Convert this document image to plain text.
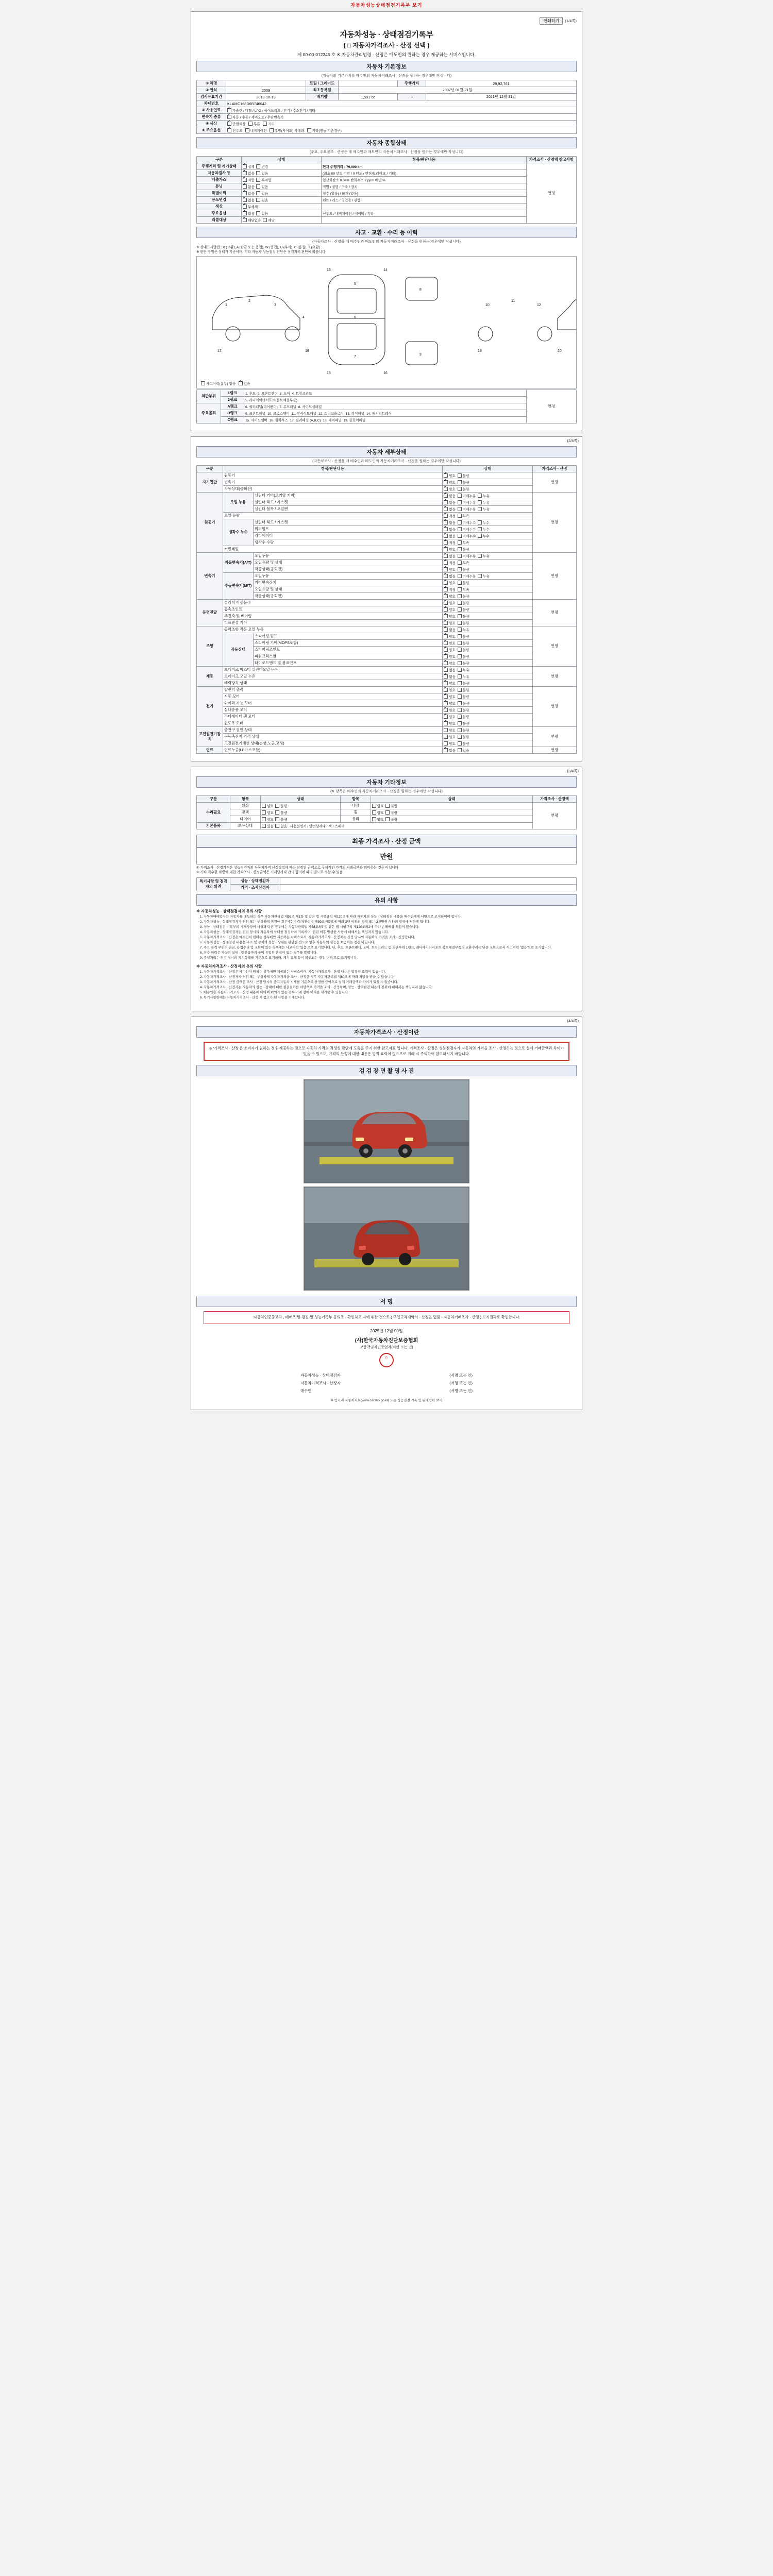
자동차성능상태점검기록부 보기
인쇄하기	(1/4쪽)
자동차성능 · 상태점검기록부
( □ 자동차가격조사 · 산정 선택 )
제 00-00-012345 호 ※ 자동차관리법령 · 산정은 매도인의 원하는 경우 제공하는 서비스입니다.
자동차 기본정보
(자동차의 기본가치를 매수인의 자동차거래조사 · 산정을 원하는 경우에만 작성니다)
① 차명		트림 / 그레이드		주행거리	29,92,761
② 연식	2009	최초등록일	2007년 01월 21일		
검사유효기간	2018-10-19	배기량	1,591 cc	~	2021년 12월 31일
차대번호	KLAMC168D6B746042				
③ 사용연료	✔가솔린 / 디젤 / LPG / 하이브리드 / 전기 / 수소전기 / 기타
변속기 종류	✔자동 / 수동 / 세미오토 / 무단변속기
④ 색상	✔단일색상 투톤 기타
⑤ 주요옵션	✔선루프 네비게이션 후방(사이드) 카메라 기타(전동 기준경구)
자동차 종합상태
(주요, 주요골조 · 산정은 매 매수인과 매도인의 자동차거래조사 · 산정을 원하는 경우에만 작성니다)
구분	상태	항목/판단내용	가격조사 · 산정액 참고사항
주행거리 및 계기상태	✔실제  변경	현재 주행거리 : 79,900 km	연평
자동차검사 등	✔없음  있음	(최초 00 년도 미만 / 0 년도 / 엔진/브레이크 / 기타)	
배출가스	✔적합  부적합	일산화탄소 0.04% 탄화수소 2 ppm 매연 %	
튜닝	✔없음  있음	적법 / 불법 / 구조 / 장치	
특별이력	✔없음  있음	침수 (있음) / 화재 (있음)	
용도변경	✔없음  있음	렌트 / 리스 / 영업용 / 관용	
색상	✔무채색	
주요옵션	✔없음  있음	선루프 / 내비게이션 / 에어백 / 기타	
리콜대상	✔해당없음  해당	
사고 · 교환 · 수리 등 이력
(자동차조사 · 산정을 매 매수인과 매도인의 자동차거래조사 · 산정을 원하는 경우에만 작성니다)
※ 상태표시방법 : X (교환), A (판금 또는 용접), W (용접), U (부식), C (흠집), T (요함)
※ 판단 방법은 상태가 기준이며, 기타 자동차 성능점검 판단은 점검자의 판단에 따릅니다
1
2
3
4
5
6
7
8
9
10
11
12
13	14
15	16
17	18	19	20
사고이력(유무) 없음 ✔ 있음
외판부위	1랭크	1. 후드 2. 프론트펜더 3. 도어 4. 트렁크리드	연평
	2랭크	5. 라디에이터서포트(볼트체결부품)	
주요골격	A랭크	6. 쿼터패널(리어펜더) 7. 루프패널 8. 사이드실패널	
	B랭크	9. 프론트패널 10. 크로스멤버 11. 인사이드패널 12. 트렁크플로어 13. 리어패널 14. 패키지트레이	
	C랭크	15. 사이드멤버 16. 휠하우스 17. 필러패널 (A,B,C) 18. 대쉬패널 19. 플로어패널	
(2/4쪽)
자동차 세부상태
(자동차조사 · 산정을 매 매수인과 매도인의 자동차거래조사 · 산정을 원하는 경우에만 작성니다)
구분	항목/판단내용		상태	가격조사 · 산정
자기진단	원동기	✔양호  불량	연평
	변속기	✔양호  불량
	작동상태(공회전)	✔양호  불량
원동기	오일 누유	실린더 커버(로커암 커버)	✔없음  미세누유  누유	연평
		실린더 헤드 / 가스켓	✔없음  미세누유  누유
		실린더 블록 / 오일팬	✔없음  미세누유  누유
	오일 유량	✔적정  부족
	냉각수 누수	실린더 헤드 / 가스켓	✔없음  미세누수  누수
		워터펌프	✔없음  미세누수  누수
		라디에이터	✔없음  미세누수  누수
		냉각수 수량	✔적정  부족
	커먼레일	✔양호  불량
변속기	자동변속기(A/T)	오일누유	✔없음  미세누유  누유	연평
		오일유량 및 상태	✔적정  부족
		작동상태(공회전)	✔양호  불량
	수동변속기(M/T)	오일누유	✔없음  미세누유  누유
		기어변속장치	✔양호  불량
		오일유량 및 상태	✔적정  부족
		작동상태(공회전)	✔양호  불량
동력전달	클러치 어셈블리	✔양호  불량	연평
	등속조인트	✔양호  불량
	추진축 및 베어링	✔양호  불량
	디프렌셜 기어	✔양호  불량
조향	동력조향 작동 오일 누유	✔없음  누유	연평
	작동상태	스티어링 펌프	✔양호  불량
		스티어링 기어(MDPS포함)	✔양호  불량
		스티어링조인트	✔양호  불량
		파워크리스암	✔양호  불량
		타이로드엔드 및 볼죠인트	✔양호  불량
제동	브레이크 마스터 실린더오일 누유	✔없음  누유	연평
	브레이크 오일 누유	✔없음  누유
	배력장치 상태	✔양호  불량
전기	발전기 출력	✔양호  불량	연평
	시동 모터	✔양호  불량
	와이퍼 기능 모터	✔양호  불량
	실내송풍 모터	✔양호  불량
	라디에이터 팬 모터	✔양호  불량
	윈도우 모터	✔양호  불량
고전원전기장치	충전구 절연 상태		양호  불량	연평
	구동축전지 격리 상태		양호  불량	
	고전원전기배선 상태(손상,노출,고정)		양호  불량	
연료	연료누출(LP가스포함)	✔없음  있음	연평
(3/4쪽)
자동차 기타정보
(※ 항목은 매수인의 자동차거래조사 · 산정을 원하는 경우에만 작성니다)
구분	항목	상태	항목	상태	가격조사 · 산정액
수리필요	외장	양호  불량	내장	양호  불량	연평
	광택	양호  불량	휠	양호  불량	
	타이어	양호  불량	유리	양호  불량	
기본품목	보유상태	있음  없음   사용설명서 / 안전삼각대 / 잭 / 스패너			
최종 가격조사 · 산정 금액
만원
① 가격조사 · 산정가격은 성능점검자의 자동차가격 산정방법에 따라 산정된 금액으로 구체적인 가격의 거래금액을 의미하는 것은 아닙니다
② 기타 특수한 차량에 대한 가격조사 · 산정금액은 거래당사자 간의 합의에 따라 별도로 정할 수 있음
특기사항 및 점검자의 의견	성능 · 상태점검자	
	가격 · 조사산정자	
유의 사항
※ 자동차성능 · 상태점검자의 유의 사항
1. 자동차매매업자는 자동차를 매도하는 경우 자동차관리법 제58조 제1항 및 같은 법 시행규칙 제120조에 따라 자동차의 성능 · 상태점검 내용을 매수인에게 서면으로 고지하여야 합니다.
2. 자동차성능 · 상태점검자가 허위 또는 부실하게 점검한 경우에는 자동차관리법 제80조 제7호에 따라 2년 이하의 징역 또는 2천만원 이하의 벌금에 처하게 됩니다.
3. 성능 · 상태점검 기록부의 기재사항이 사실과 다른 경우에는 자동차관리법 제58조의5 및 같은 법 시행규칙 제120조의2에 따라 손해배상 책임이 있습니다.
4. 자동차성능 · 상태점검자는 점검 당시의 자동차의 상태를 점검하여 기록하며, 점검 이후 발생한 사항에 대해서는 책임지지 않습니다.
5. 자동차가격조사 · 산정은 매수인이 원하는 경우에만 제공하는 서비스로서, 자동차가격조사 · 산정자는 산정 당시의 자동차의 가격을 조사 · 산정합니다.
6. 자동차성능 · 상태점검 내용은 구조 및 장치의 성능 · 상태를 판단한 것으로 향후 자동차의 성능을 보증하는 것은 아닙니다.
7. 주요 골격 부위의 판금, 용접수리 및 교환이 있는 경우에는 사고이력 '있음'으로 표기합니다. 단, 후드, 프론트펜더, 도어, 트렁크리드 등 외판부위 1랭크, 래디에이터서포트 볼트체결부품의 교환수리는 단순 교환으로서 사고이력 '없음'으로 표기합니다.
8. 침수 이력은 차량의 실내 · 엔진룸까지 물이 유입된 흔적이 있는 경우를 말합니다.
9. 주행거리는 점검 당시의 계기상태를 기준으로 표기하며, 계기 교체 등이 확인되는 경우 '변경'으로 표기합니다.
※ 자동차가격조사 · 산정자의 유의 사항
1. 자동차가격조사 · 산정은 매수인이 원하는 경우에만 제공되는 서비스이며, 자동차가격조사 · 산정 내용은 법적인 효력이 없습니다.
2. 자동차가격조사 · 산정자가 허위 또는 부실하게 자동차가격을 조사 · 산정한 경우 자동차관리법 제80조에 따라 처벌을 받을 수 있습니다.
3. 자동차가격조사 · 산정 금액은 조사 · 산정 당시의 중고자동차 시세를 기준으로 산정한 금액으로 실제 거래금액과 차이가 있을 수 있습니다.
4. 자동차가격조사 · 산정자는 자동차의 성능 · 상태에 대한 점검결과를 바탕으로 가격을 조사 · 산정하며, 성능 · 상태점검 내용의 진위에 대해서는 책임지지 않습니다.
5. 매수인은 자동차가격조사 · 산정 내용에 대하여 이의가 있는 경우 거래 전에 이의를 제기할 수 있습니다.
6. 특기사항란에는 자동차가격조사 · 산정 시 참고가 된 사항을 기재합니다.
(4/4쪽)
자동차가격조사 · 산정이란
※ '가격조사 · 산정'은 소비자가 원하는 경우 제공하는 것으로 자동차 가격의 적정성 판단에 도움을 주기 위한 참고자료 입니다. 가격조사 · 산정은 성능점검자가 자동차의 가격을 조사 · 산정하는 것으로 실제 거래금액과 차이가 있을 수 있으며, 가격의 산정에 대한 내용은 법적 효력이 없으므로 거래 시 주의하여 참고하시기 바랍니다.
검 검 장 면 촬 영 사 진
서 명
'자동차인증중고차 , 매매조 및 검진 및 성능기록부 등의조 · 확인하고 자에 위한 것으로 ( 구입교차계약서 · 산정을 법률 · 자동차거래조사 · 산정 ) 보기결과로 확인합니다.
2025년 12월 00일
(사)한국자동차진단보증협회
보증책임자인증업자(서명 또는 인)
인
자동차성능 · 상태점검자	(서명 또는 인)
자동차가격조사 · 산정자	(서명 또는 인)
매수인	(서명 또는 인)
※ 방카지 자동차자료(www.car365.go.kr) 또는 성능점검 기록 및 판매협력 보기
